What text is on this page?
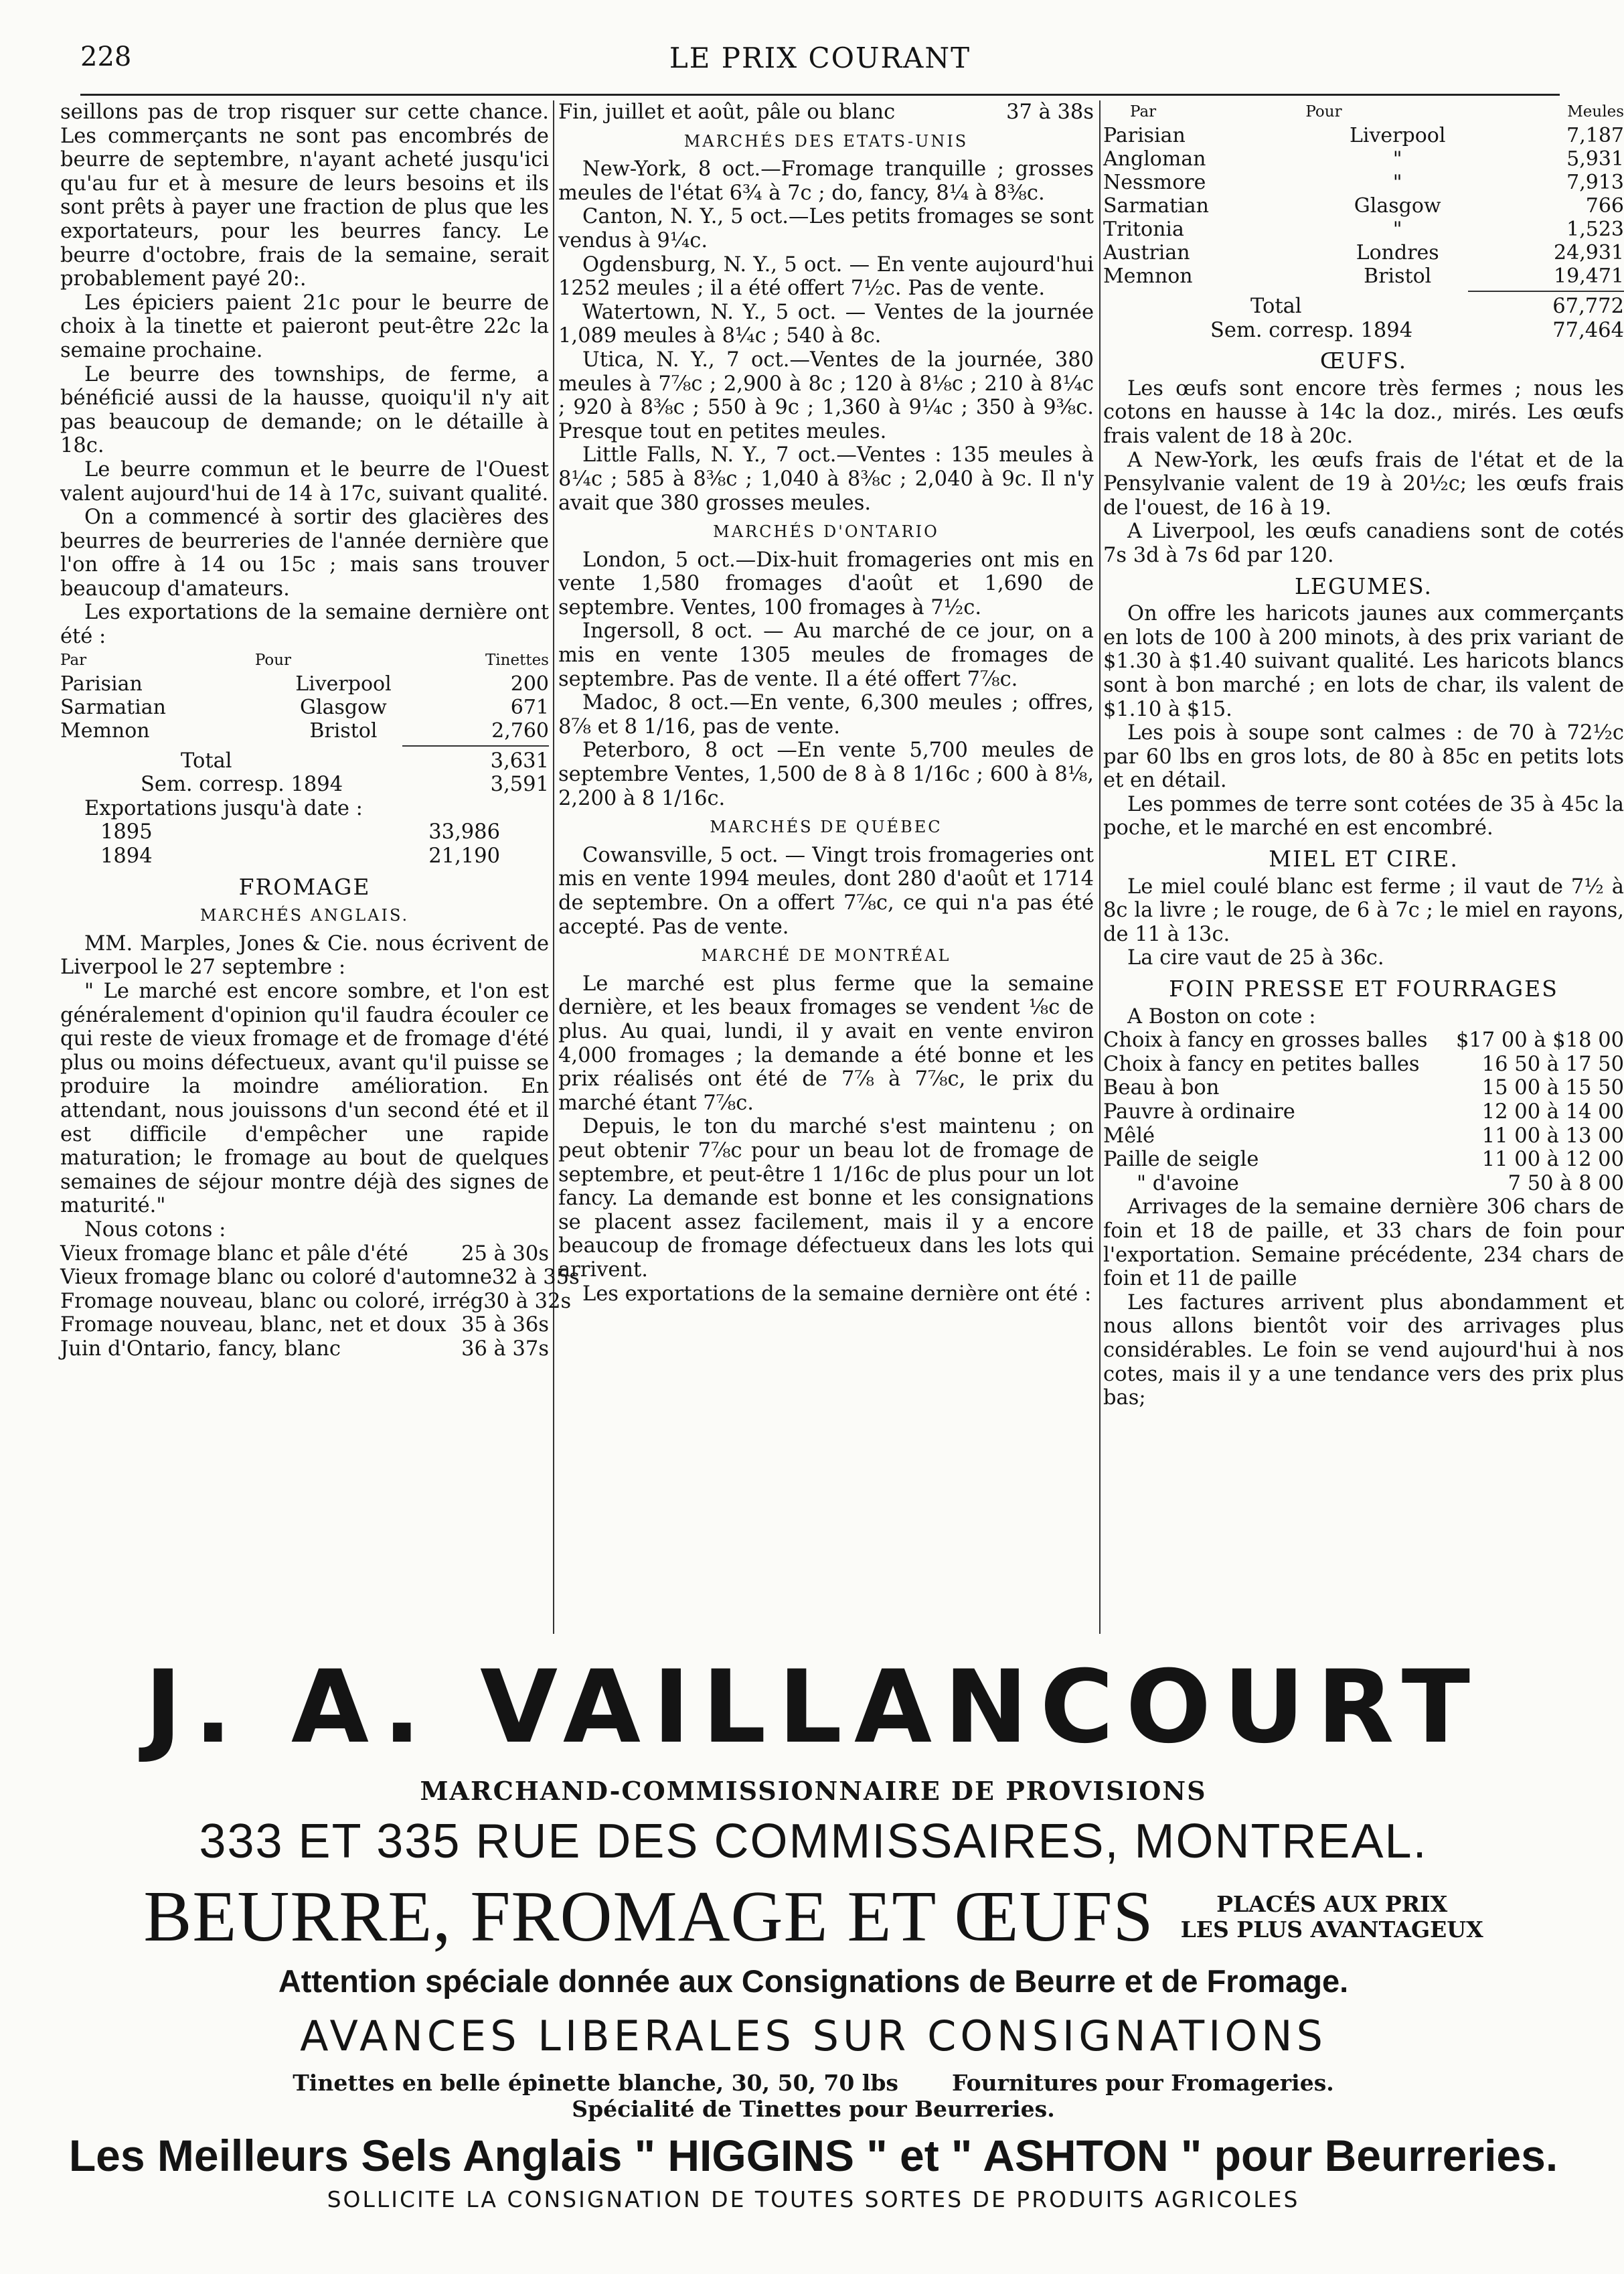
228	LE PRIX COURANT

seillons pas de trop risquer sur cette chance. Les commerçants ne sont pas encombrés de beurre de septembre, n'ayant acheté jusqu'ici qu'au fur et à mesure de leurs besoins et ils sont prêts à payer une fraction de plus que les exportateurs, pour les beurres fancy. Le beurre d'octobre, frais de la semaine, serait probablement payé 20:.

Les épiciers paient 21c pour le beurre de choix à la tinette et paieront peut-être 22c la semaine prochaine.

Le beurre des townships, de ferme, a bénéficié aussi de la hausse, quoiqu'il n'y ait pas beaucoup de demande; on le détaille à 18c.

Le beurre commun et le beurre de l'Ouest valent aujourd'hui de 14 à 17c, suivant qualité.

On a commencé à sortir des glacières des beurres de beurreries de l'année dernière que l'on offre à 14 ou 15c ; mais sans trouver beaucoup d'amateurs.

Les exportations de la semaine dernière ont été :

Par	Pour	Tinettes
Parisian	Liverpool	200
Sarmatian	Glasgow	671
Memnon	Bristol	2,760
Total	3,631
Sem. corresp. 1894	3,591

Exportations jusqu'à date :

1895	33,986
1894	21,190
FROMAGE
MARCHÉS ANGLAIS.

MM. Marples, Jones & Cie. nous écrivent de Liverpool le 27 septembre :

" Le marché est encore sombre, et l'on est généralement d'opinion qu'il faudra écouler ce qui reste de vieux fromage et de fromage d'été plus ou moins défectueux, avant qu'il puisse se produire la moindre amélioration. En attendant, nous jouissons d'un second été et il est difficile d'empêcher une rapide maturation; le fromage au bout de quelques semaines de séjour montre déjà des signes de maturité."

Nous cotons :

Vieux fromage blanc et pâle d'été	25 à 30s
Vieux fromage blanc ou coloré d'automne 32 à 35s
Fromage nouveau, blanc ou coloré, irrég 30 à 32s
Fromage nouveau, blanc, net et doux 35 à 36s
Juin d'Ontario, fancy, blanc	36 à 37s
Fin, juillet et août, pâle ou blanc	37 à 38s
MARCHÉS DES ETATS-UNIS

New-York, 8 oct.—Fromage tranquille ; grosses meules de l'état 6¾ à 7c ; do, fancy, 8¼ à 8⅜c.

Canton, N. Y., 5 oct.—Les petits fromages se sont vendus à 9¼c.

Ogdensburg, N. Y., 5 oct. — En vente aujourd'hui 1252 meules ; il a été offert 7½c. Pas de vente.

Watertown, N. Y., 5 oct. — Ventes de la journée 1,089 meules à 8¼c ; 540 à 8c.

Utica, N. Y., 7 oct.—Ventes de la journée, 380 meules à 7⅞c ; 2,900 à 8c ; 120 à 8⅛c ; 210 à 8¼c ; 920 à 8⅜c ; 550 à 9c ; 1,360 à 9¼c ; 350 à 9⅜c. Presque tout en petites meules.

Little Falls, N. Y., 7 oct.—Ventes : 135 meules à 8¼c ; 585 à 8⅜c ; 1,040 à 8⅜c ; 2,040 à 9c. Il n'y avait que 380 grosses meules.

MARCHÉS D'ONTARIO

London, 5 oct.—Dix-huit fromageries ont mis en vente 1,580 fromages d'août et 1,690 de septembre. Ventes, 100 fromages à 7½c.

Ingersoll, 8 oct. — Au marché de ce jour, on a mis en vente 1305 meules de fromages de septembre. Pas de vente. Il a été offert 7⅞c.

Madoc, 8 oct.—En vente, 6,300 meules ; offres, 8⅞ et 8 1/16, pas de vente.

Peterboro, 8 oct —En vente 5,700 meules de septembre Ventes, 1,500 de 8 à 8 1/16c ; 600 à 8⅛, 2,200 à 8 1/16c.

MARCHÉS DE QUÉBEC

Cowansville, 5 oct. — Vingt trois fromageries ont mis en vente 1994 meules, dont 280 d'août et 1714 de septembre. On a offert 7⅞c, ce qui n'a pas été accepté. Pas de vente.

MARCHÉ DE MONTRÉAL

Le marché est plus ferme que la semaine dernière, et les beaux fromages se vendent ⅛c de plus. Au quai, lundi, il y avait en vente environ 4,000 fromages ; la demande a été bonne et les prix réalisés ont été de 7⅞ à 7⅞c, le prix du marché étant 7⅞c.

Depuis, le ton du marché s'est maintenu ; on peut obtenir 7⅞c pour un beau lot de fromage de septembre, et peut-être 1 1/16c de plus pour un lot fancy. La demande est bonne et les consignations se placent assez facilement, mais il y a encore beaucoup de fromage défectueux dans les lots qui arrivent.

Les exportations de la semaine dernière ont été :

Par	Pour	Meules
Parisian	Liverpool	7,187
Angloman	"	5,931
Nessmore	"	7,913
Sarmatian	Glasgow	766
Tritonia	"	1,523
Austrian	Londres	24,931
Memnon	Bristol	19,471
Total	67,772
Sem. corresp. 1894	77,464
ŒUFS.

Les œufs sont encore très fermes ; nous les cotons en hausse à 14c la doz., mirés. Les œufs frais valent de 18 à 20c.

A New-York, les œufs frais de l'état et de la Pensylvanie valent de 19 à 20½c; les œufs frais de l'ouest, de 16 à 19.

A Liverpool, les œufs canadiens sont de cotés 7s 3d à 7s 6d par 120.

LEGUMES.

On offre les haricots jaunes aux commerçants en lots de 100 à 200 minots, à des prix variant de $1.30 à $1.40 suivant qualité. Les haricots blancs sont à bon marché ; en lots de char, ils valent de $1.10 à $15.

Les pois à soupe sont calmes : de 70 à 72½c par 60 lbs en gros lots, de 80 à 85c en petits lots et en détail.

Les pommes de terre sont cotées de 35 à 45c la poche, et le marché en est encombré.

MIEL ET CIRE.

Le miel coulé blanc est ferme ; il vaut de 7½ à 8c la livre ; le rouge, de 6 à 7c ; le miel en rayons, de 11 à 13c.

La cire vaut de 25 à 36c.

FOIN PRESSE ET FOURRAGES

A Boston on cote :

Choix à fancy en grosses balles	$17 00 à $18 00
Choix à fancy en petites balles	16 50 à 17 50
Beau à bon	15 00 à 15 50
Pauvre à ordinaire	12 00 à 14 00
Mêlé	11 00 à 13 00
Paille de seigle	11 00 à 12 00
" d'avoine	7 50 à 8 00

Arrivages de la semaine dernière 306 chars de foin et 18 de paille, et 33 chars de foin pour l'exportation. Semaine précédente, 234 chars de foin et 11 de paille

Les factures arrivent plus abondamment et nous allons bientôt voir des arrivages plus considérables. Le foin se vend aujourd'hui à nos cotes, mais il y a une tendance vers des prix plus bas;

J. A. VAILLANCOURT
MARCHAND-COMMISSIONNAIRE DE PROVISIONS
333 ET 335 RUE DES COMMISSAIRES, MONTREAL.
BEURRE, FROMAGE ET ŒUFS	PLACÉS AUX PRIX
LES PLUS AVANTAGEUX
Attention spéciale donnée aux Consignations de Beurre et de Fromage.
AVANCES LIBERALES SUR CONSIGNATIONS
Tinettes en belle épinette blanche, 30, 50, 70 lbs Fournitures pour Fromageries.
Spécialité de Tinettes pour Beurreries.
Les Meilleurs Sels Anglais " HIGGINS " et " ASHTON " pour Beurreries.
SOLLICITE LA CONSIGNATION DE TOUTES SORTES DE PRODUITS AGRICOLES
